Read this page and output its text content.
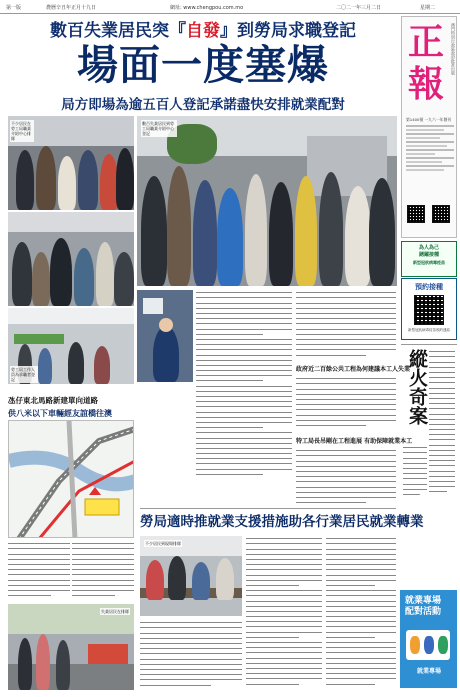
第一版	農曆辛丑年正月十九日	網址: www.chengpou.com.mo	二〇二一年三月二日	星期二
數百失業居民突『自發』到勞局求職登記
場面一度塞爆
局方即場為逾五百人登記承諾盡快安排就業配對
正
報
澳門特別行政區政府批准出版
第1400號 一九六一年創刊
為人為己
踴躍接種
新型冠狀病毒疫苗
預約接種
新型冠狀病毒疫苗預約連結
不少居民在勞工局職業介紹中心排隊
勞工局工作人員為求職者登記
數百失業居民到勞工局職業介紹中心登記
政府近二百餘公共工程為何建議本工人失業
特工局長吊剛在工程進展 有助保障就業本工
縱火奇案
氹仔東北馬路新建單向道路
供八米以下車輛經友誼橋往澳
失業居民在排隊
勞局適時推就業支援措施助各行業居民就業轉業
不少居民到現場排隊
就業專場 配對活動
就業專場
